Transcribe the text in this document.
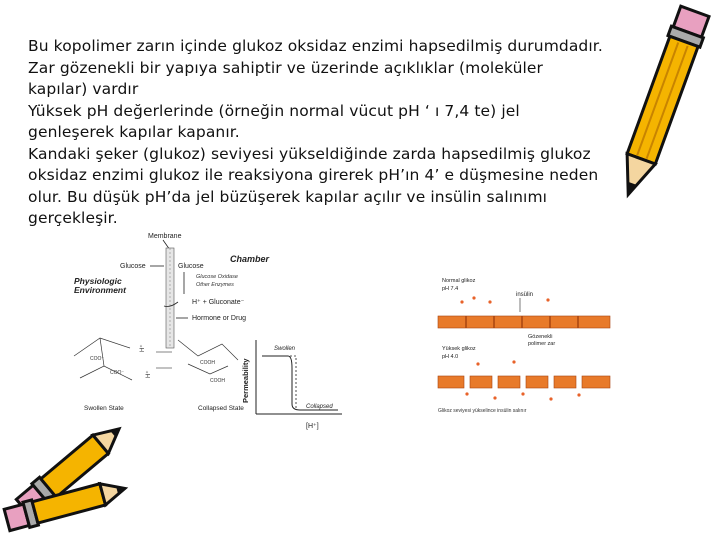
Bu kopolimer zarın içinde glukoz oksidaz enzimi hapsedilmiş durumdadır.
Zar gözenekli bir yapıya sahiptir ve üzerinde açıklıklar (moleküler
kapılar) vardır
Yüksek pH değerlerinde (örneğin normal vücut pH ‘ ı 7,4 te) jel
genleşerek kapılar kapanır.
Kandaki şeker (glukoz) seviyesi yükseldiğinde zarda hapsedilmiş glukoz
oksidaz enzimi glukoz ile reaksiyona girerek pH’ın 4’ e düşmesine neden
olur. Bu düşük pH’da jel büzüşerek kapılar açılır ve insülin salınımı
gerçekleşir.
Membrane
Chamber
Glucose	Glucose
Glucose Oxidase
Other Enzymes
Physiologic
Environment
H⁺ + Gluconate⁻
Hormone or Drug
COO⁻
COO⁻
H⁺
H⁺
COOH
COOH
Swollen State	Collapsed State
Permeability
Swollen
Collapsed
[H⁺]
Normal glikoz
pH 7.4
insülin
Gözenekli
polimer zar
Yüksek glikoz
pH 4.0
Glikoz seviyesi yükselince insülin salınır
